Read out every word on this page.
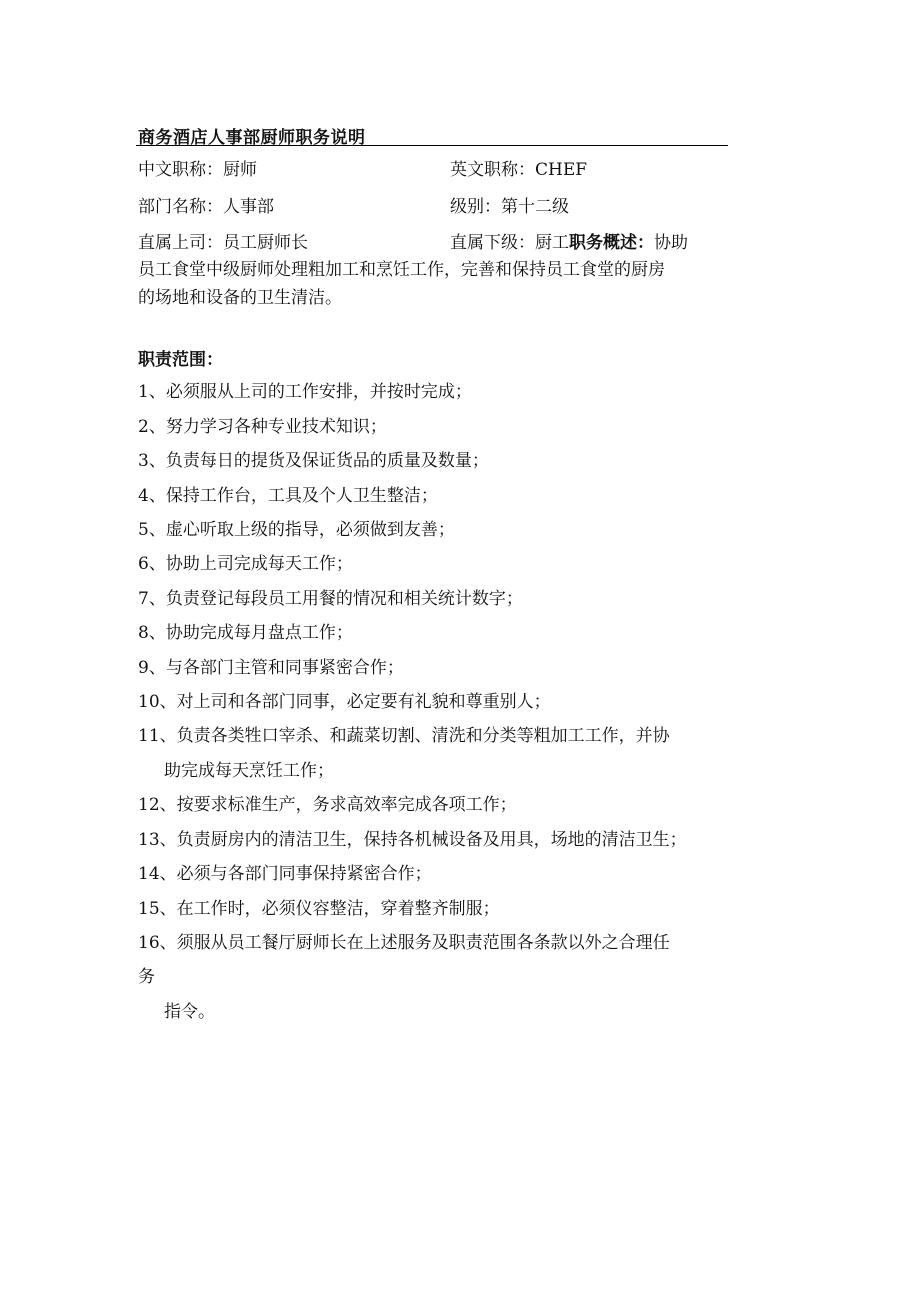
商务酒店人事部厨师职务说明
中文职称：厨师	英文职称：CHEF
部门名称：人事部	级别：第十二级
直属上司：员工厨师长	直属下级：厨工职务概述：协助
员工食堂中级厨师处理粗加工和烹饪工作，完善和保持员工食堂的厨房
的场地和设备的卫生清洁。
职责范围：
1、必须服从上司的工作安排，并按时完成；
2、努力学习各种专业技术知识；
3、负责每日的提货及保证货品的质量及数量；
4、保持工作台，工具及个人卫生整洁；
5、虚心听取上级的指导，必须做到友善；
6、协助上司完成每天工作；
7、负责登记每段员工用餐的情况和相关统计数字；
8、协助完成每月盘点工作；
9、与各部门主管和同事紧密合作；
10、对上司和各部门同事，必定要有礼貌和尊重别人；
11、负责各类牲口宰杀、和蔬菜切割、清洗和分类等粗加工工作，并协
助完成每天烹饪工作；
12、按要求标准生产，务求高效率完成各项工作；
13、负责厨房内的清洁卫生，保持各机械设备及用具，场地的清洁卫生；
14、必须与各部门同事保持紧密合作；
15、在工作时，必须仪容整洁，穿着整齐制服；
16、须服从员工餐厅厨师长在上述服务及职责范围各条款以外之合理任
务
指令。
